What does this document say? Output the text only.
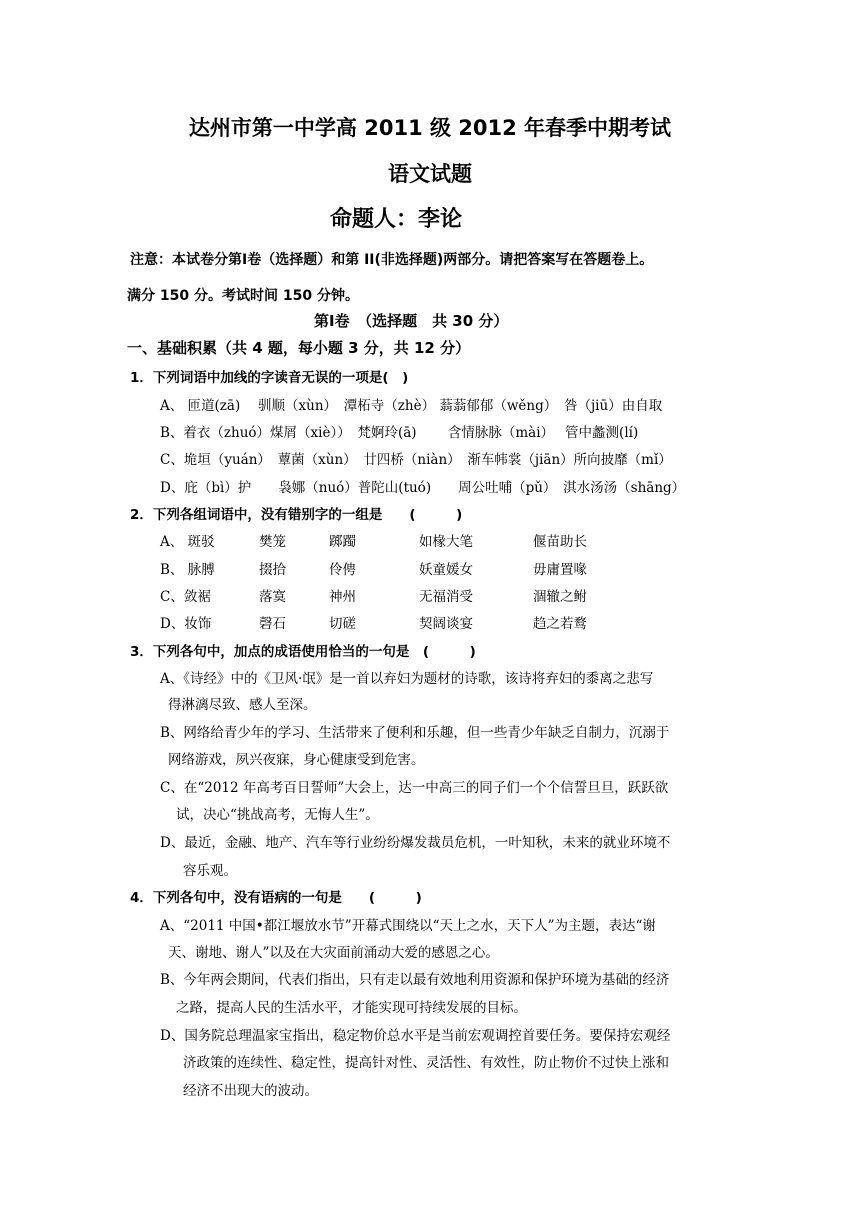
达州市第一中学高 2011 级 2012 年春季中期考试
语文试题
命题人：李论
注意：本试卷分第Ⅰ卷（选择题）和第 II(非选择题)两部分。请把答案写在答题卷上。
满分 150 分。考试时间 150 分钟。
第Ⅰ卷　（选择题　共 30 分）
一、基础积累（共 4 题，每小题 3 分，共 12 分）
1．下列词语中加线的字读音无误的一项是(　)
A、 匝道(zā)　 驯顺（xùn）　潭柘寺（zhè） 蓊蓊郁郁（wěng）　咎（jiū）由自取
B、着衣（zhuó）煤屑（xiè））　梵婀玲(ā)　　 含情脉脉（mài）　 管中蠡测(lí)
C、垝垣（yuán）　蕈菌（xùn）　廿四桥（niàn）　渐车帏裳（jiān）所向披靡（mǐ）
D、庇（bì）护　　袅娜（nuó）普陀山(tuó)　　周公吐哺（pǔ）　淇水汤汤（shāng）
2．下列各组词语中，没有错别字的一组是　　(　　　)
A、 斑驳	樊笼	踯躅	如椽大笔	偃苗助长
B、 脉膊	掇拾	伶俜	妖童媛女	毋庸置喙
C、敛裾	落寞	神州	无福消受	涸辙之鲋
D、妆饰	磬石	切磋	契阔谈宴	趋之若鹜
3．下列各句中，加点的成语使用恰当的一句是　(　　　)
A、《诗经》中的《卫风·氓》是一首以弃妇为题材的诗歌，该诗将弃妇的黍离之悲写
得淋漓尽致、感人至深。
B、网络给青少年的学习、生活带来了便利和乐趣，但一些青少年缺乏自制力，沉溺于
网络游戏，夙兴夜寐，身心健康受到危害。
C、在“2012 年高考百日誓师”大会上，达一中高三的同子们一个个信誓旦旦，跃跃欲
试，决心“挑战高考，无悔人生”。
D、最近，金融、地产、汽车等行业纷纷爆发裁员危机，一叶知秋，未来的就业环境不
容乐观。
4．下列各句中，没有语病的一句是　　(　　　)
A、“2011 中国•都江堰放水节”开幕式围绕以“天上之水，天下人”为主题，表达“谢
天、谢地、谢人”以及在大灾面前涌动大爱的感恩之心。
B、今年两会期间，代表们指出，只有走以最有效地利用资源和保护环境为基础的经济
之路，提高人民的生活水平，才能实现可持续发展的目标。
D、国务院总理温家宝指出，稳定物价总水平是当前宏观调控首要任务。要保持宏观经
济政策的连续性、稳定性，提高针对性、灵活性、有效性，防止物价不过快上涨和
经济不出现大的波动。
